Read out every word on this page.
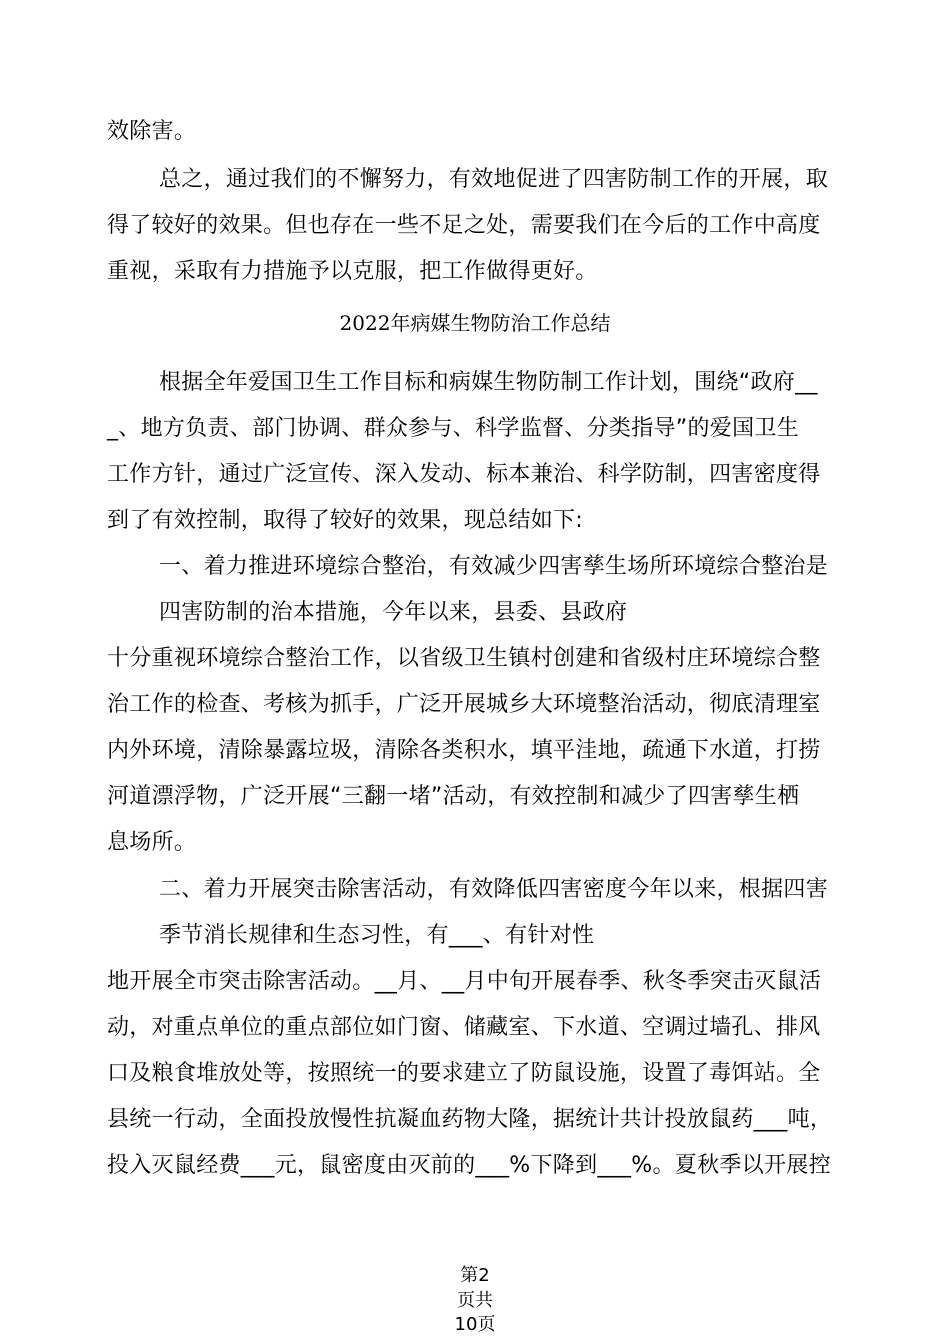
效除害。
总之，通过我们的不懈努力，有效地促进了四害防制工作的开展，取
得了较好的效果。但也存在一些不足之处，需要我们在今后的工作中高度
重视，采取有力措施予以克服，把工作做得更好。
2022年病媒生物防治工作总结
根据全年爱国卫生工作目标和病媒生物防制工作计划，围绕“政府__
_、地方负责、部门协调、群众参与、科学监督、分类指导”的爱国卫生
工作方针，通过广泛宣传、深入发动、标本兼治、科学防制，四害密度得
到了有效控制，取得了较好的效果，现总结如下:
一、着力推进环境综合整治，有效减少四害孳生场所环境综合整治是
四害防制的治本措施，今年以来，县委、县政府
十分重视环境综合整治工作，以省级卫生镇村创建和省级村庄环境综合整
治工作的检查、考核为抓手，广泛开展城乡大环境整治活动，彻底清理室
内外环境，清除暴露垃圾，清除各类积水，填平洼地，疏通下水道，打捞
河道漂浮物，广泛开展“三翻一堵”活动，有效控制和减少了四害孳生栖
息场所。
二、着力开展突击除害活动，有效降低四害密度今年以来，根据四害
季节消长规律和生态习性，有___、有针对性
地开展全市突击除害活动。__月、__月中旬开展春季、秋冬季突击灭鼠活
动，对重点单位的重点部位如门窗、储藏室、下水道、空调过墙孔、排风
口及粮食堆放处等，按照统一的要求建立了防鼠设施，设置了毒饵站。全
县统一行动，全面投放慢性抗凝血药物大隆，据统计共计投放鼠药___吨，
投入灭鼠经费___元，鼠密度由灭前的___%下降到___%。夏秋季以开展控
第2
页共
10页
